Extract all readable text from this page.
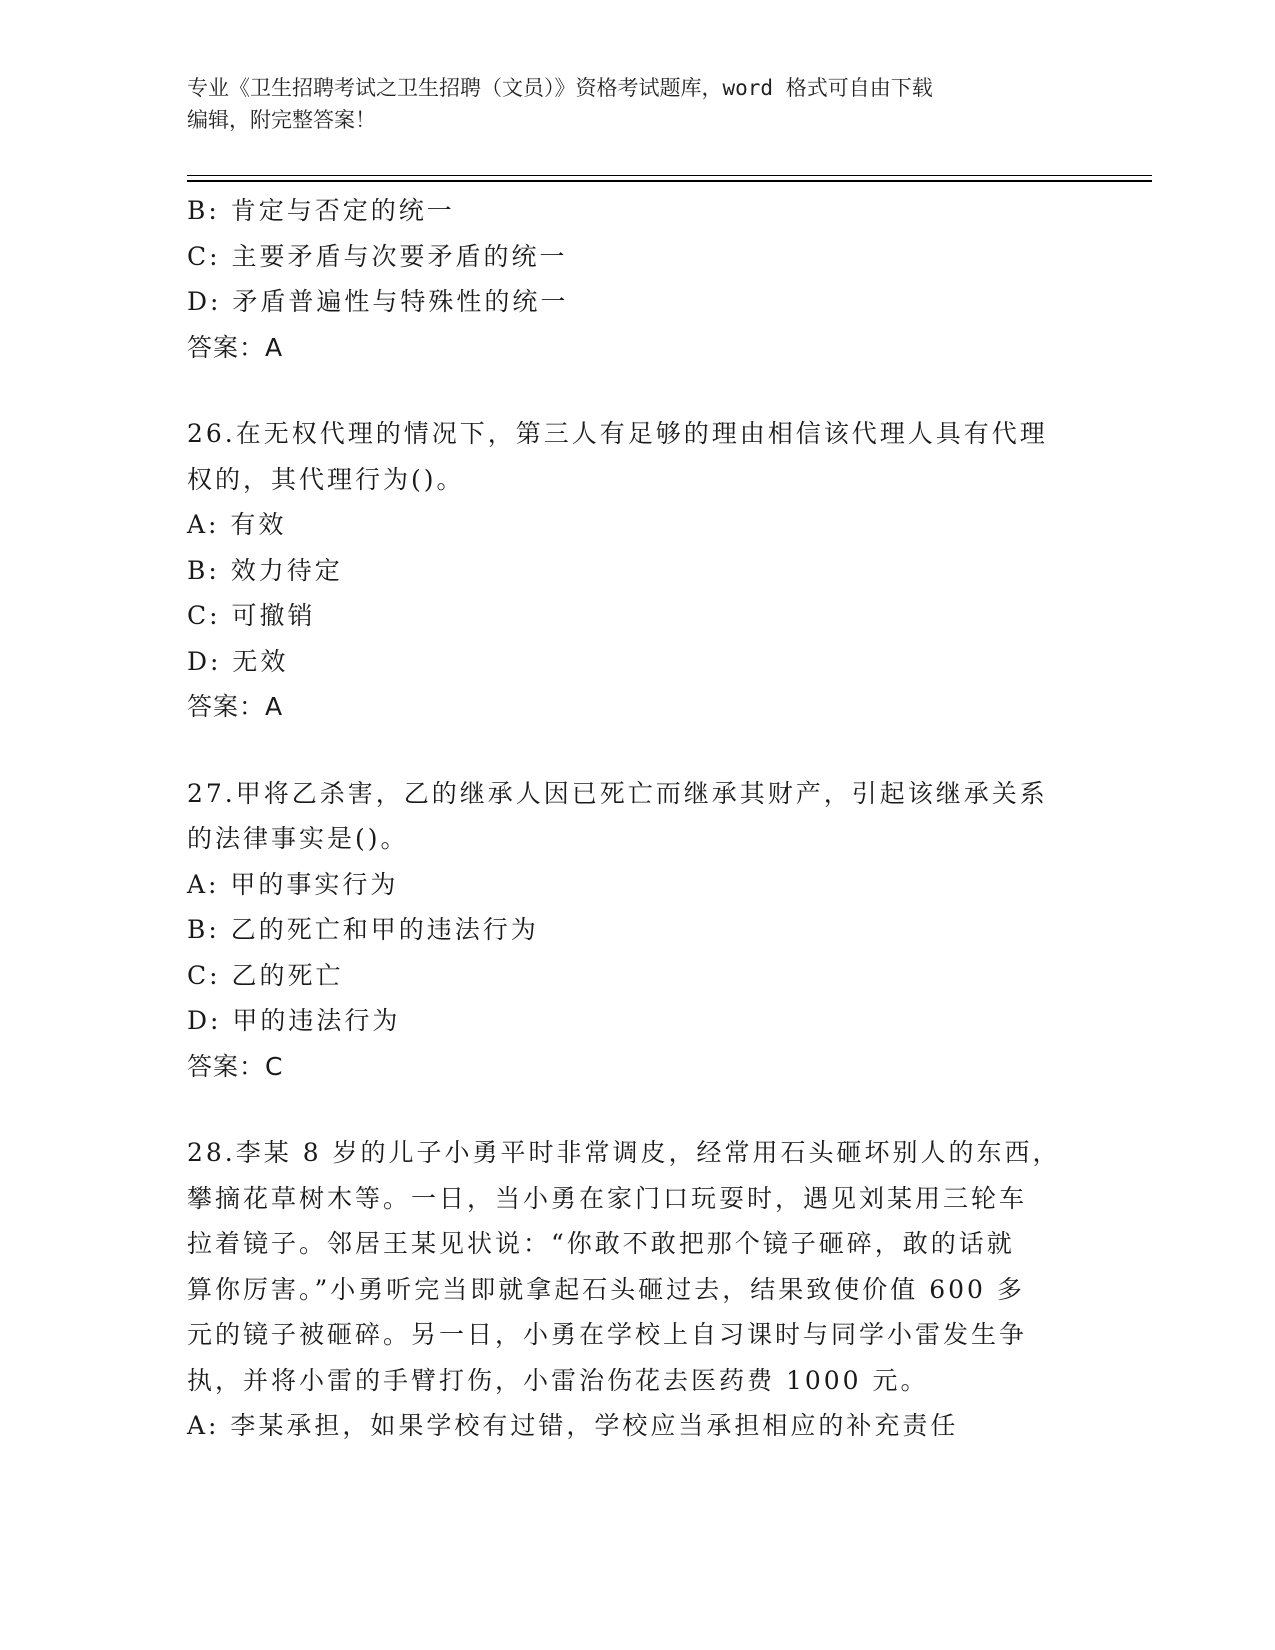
专业《卫生招聘考试之卫生招聘（文员）》资格考试题库，word 格式可自由下载
编辑，附完整答案！
B: 肯定与否定的统一
C: 主要矛盾与次要矛盾的统一
D: 矛盾普遍性与特殊性的统一
答案：A
26.在无权代理的情况下，第三人有足够的理由相信该代理人具有代理
权的，其代理行为()。
A: 有效
B: 效力待定
C: 可撤销
D: 无效
答案：A
27.甲将乙杀害，乙的继承人因已死亡而继承其财产，引起该继承关系
的法律事实是()。
A: 甲的事实行为
B: 乙的死亡和甲的违法行为
C: 乙的死亡
D: 甲的违法行为
答案：C
28.李某 8 岁的儿子小勇平时非常调皮，经常用石头砸坏别人的东西，
攀摘花草树木等。一日，当小勇在家门口玩耍时，遇见刘某用三轮车
拉着镜子。邻居王某见状说：“你敢不敢把那个镜子砸碎，敢的话就
算你厉害。”小勇听完当即就拿起石头砸过去，结果致使价值 600 多
元的镜子被砸碎。另一日，小勇在学校上自习课时与同学小雷发生争
执，并将小雷的手臂打伤，小雷治伤花去医药费 1000 元。
A: 李某承担，如果学校有过错，学校应当承担相应的补充责任
